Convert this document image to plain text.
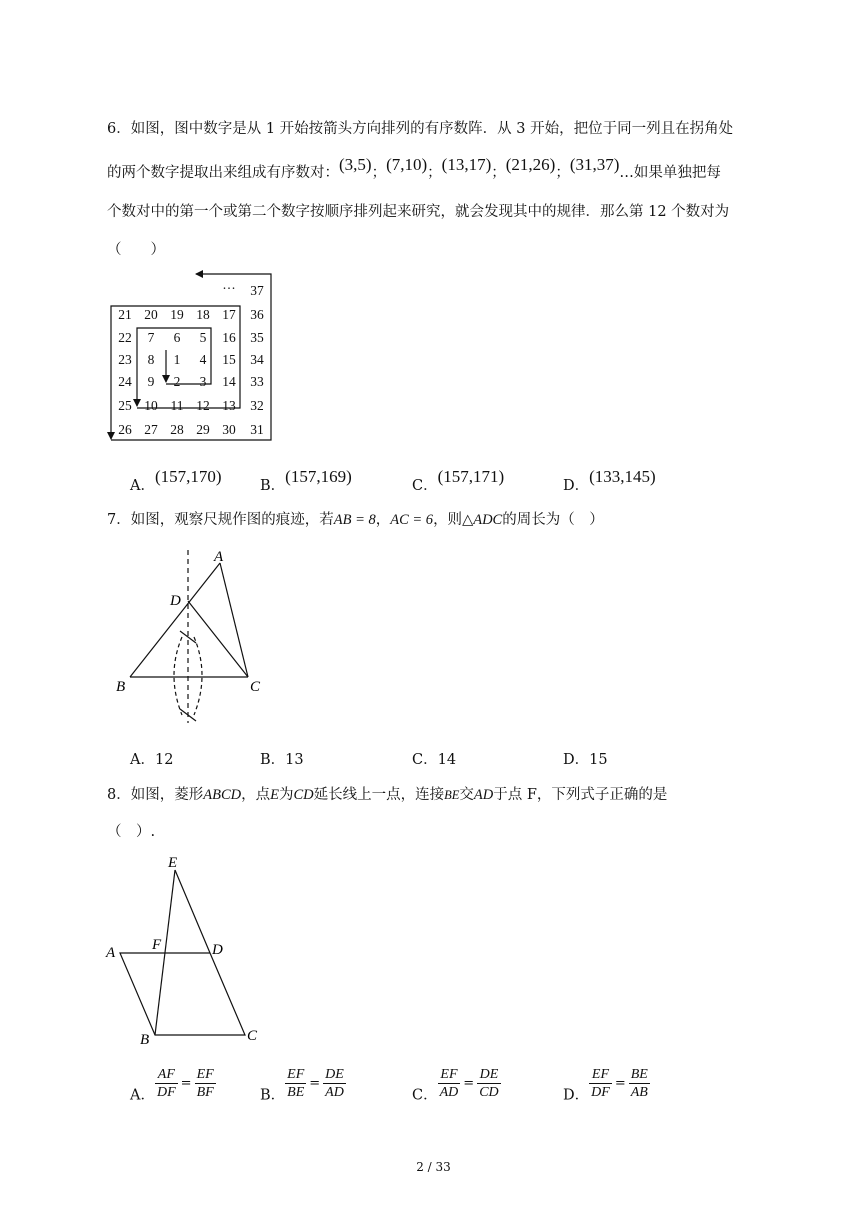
6．如图，图中数字是从 1 开始按箭头方向排列的有序数阵．从 3 开始，把位于同一列且在拐角处
的两个数字提取出来组成有序数对：(3,5)；(7,10)；(13,17)；(21,26)；(31,37)…如果单独把每
个数对中的第一个或第二个数字按顺序排列起来研究，就会发现其中的规律．那么第 12 个数对为
（　　）
21 20 19 18 17 36
22 7 6 5 16 35
23 8 1 4 15 34
24 9 2 3 14 33
25 10 11 12 13 32
26 27 28 29 30 31
37
···
A．(157,170)	B．(157,169)	C．(157,171)	D．(133,145)
7．如图，观察尺规作图的痕迹，若AB = 8，AC = 6，则△ADC的周长为（　）
A
B	C
D
A．12	B．13	C．14	D．15
8．如图，菱形ABCD，点E为CD延长线上一点，连接BE交AD于点 F，下列式子正确的是
（　）.
E
A F	D
B	C
A． $\frac{AF}{DF} = \frac{EF}{BF}$	B． $\frac{EF}{BE} = \frac{DE}{AD}$	C． $\frac{EF}{AD} = \frac{DE}{CD}$	D． $\frac{EF}{DF} = \frac{BE}{AB}$
2 / 33
